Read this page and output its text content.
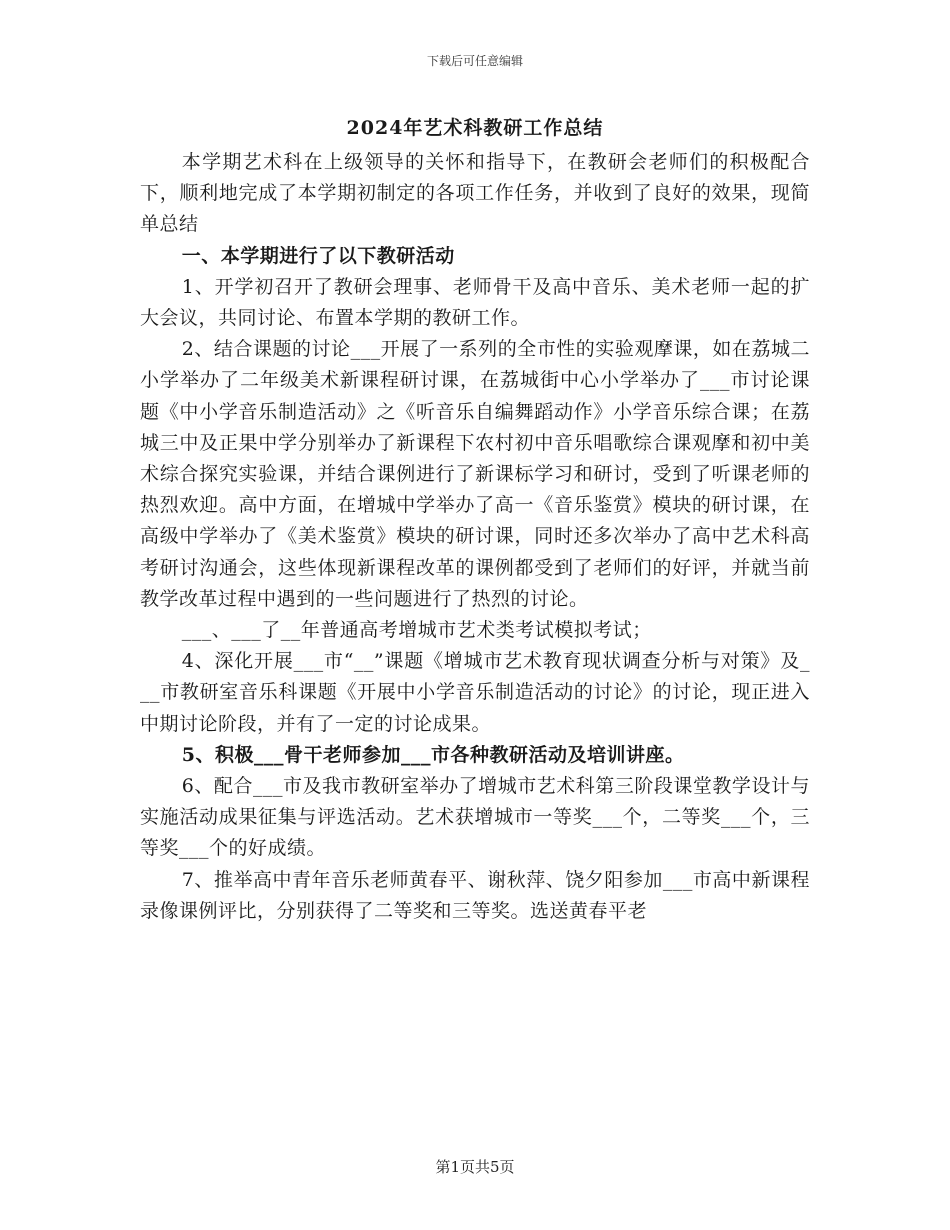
下载后可任意编辑
2024年艺术科教研工作总结

本学期艺术科在上级领导的关怀和指导下，在教研会老师们的积极配合下，顺利地完成了本学期初制定的各项工作任务，并收到了良好的效果，现简单总结

一、本学期进行了以下教研活动

1、开学初召开了教研会理事、老师骨干及高中音乐、美术老师一起的扩大会议，共同讨论、布置本学期的教研工作。

2、结合课题的讨论___开展了一系列的全市性的实验观摩课，如在荔城二小学举办了二年级美术新课程研讨课，在荔城街中心小学举办了___市讨论课题《中小学音乐制造活动》之《听音乐自编舞蹈动作》小学音乐综合课；在荔城三中及正果中学分别举办了新课程下农村初中音乐唱歌综合课观摩和初中美术综合探究实验课，并结合课例进行了新课标学习和研讨，受到了听课老师的热烈欢迎。高中方面，在增城中学举办了高一《音乐鉴赏》模块的研讨课，在高级中学举办了《美术鉴赏》模块的研讨课，同时还多次举办了高中艺术科高考研讨沟通会，这些体现新课程改革的课例都受到了老师们的好评，并就当前教学改革过程中遇到的一些问题进行了热烈的讨论。

___、___了__年普通高考增城市艺术类考试模拟考试；

4、深化开展___市“__”课题《增城市艺术教育现状调查分析与对策》及___市教研室音乐科课题《开展中小学音乐制造活动的讨论》的讨论，现正进入中期讨论阶段，并有了一定的讨论成果。

5、积极___骨干老师参加___市各种教研活动及培训讲座。

6、配合___市及我市教研室举办了增城市艺术科第三阶段课堂教学设计与实施活动成果征集与评选活动。艺术获增城市一等奖___个，二等奖___个，三等奖___个的好成绩。

7、推举高中青年音乐老师黄春平、谢秋萍、饶夕阳参加___市高中新课程录像课例评比，分别获得了二等奖和三等奖。选送黄春平老

第1页共5页
